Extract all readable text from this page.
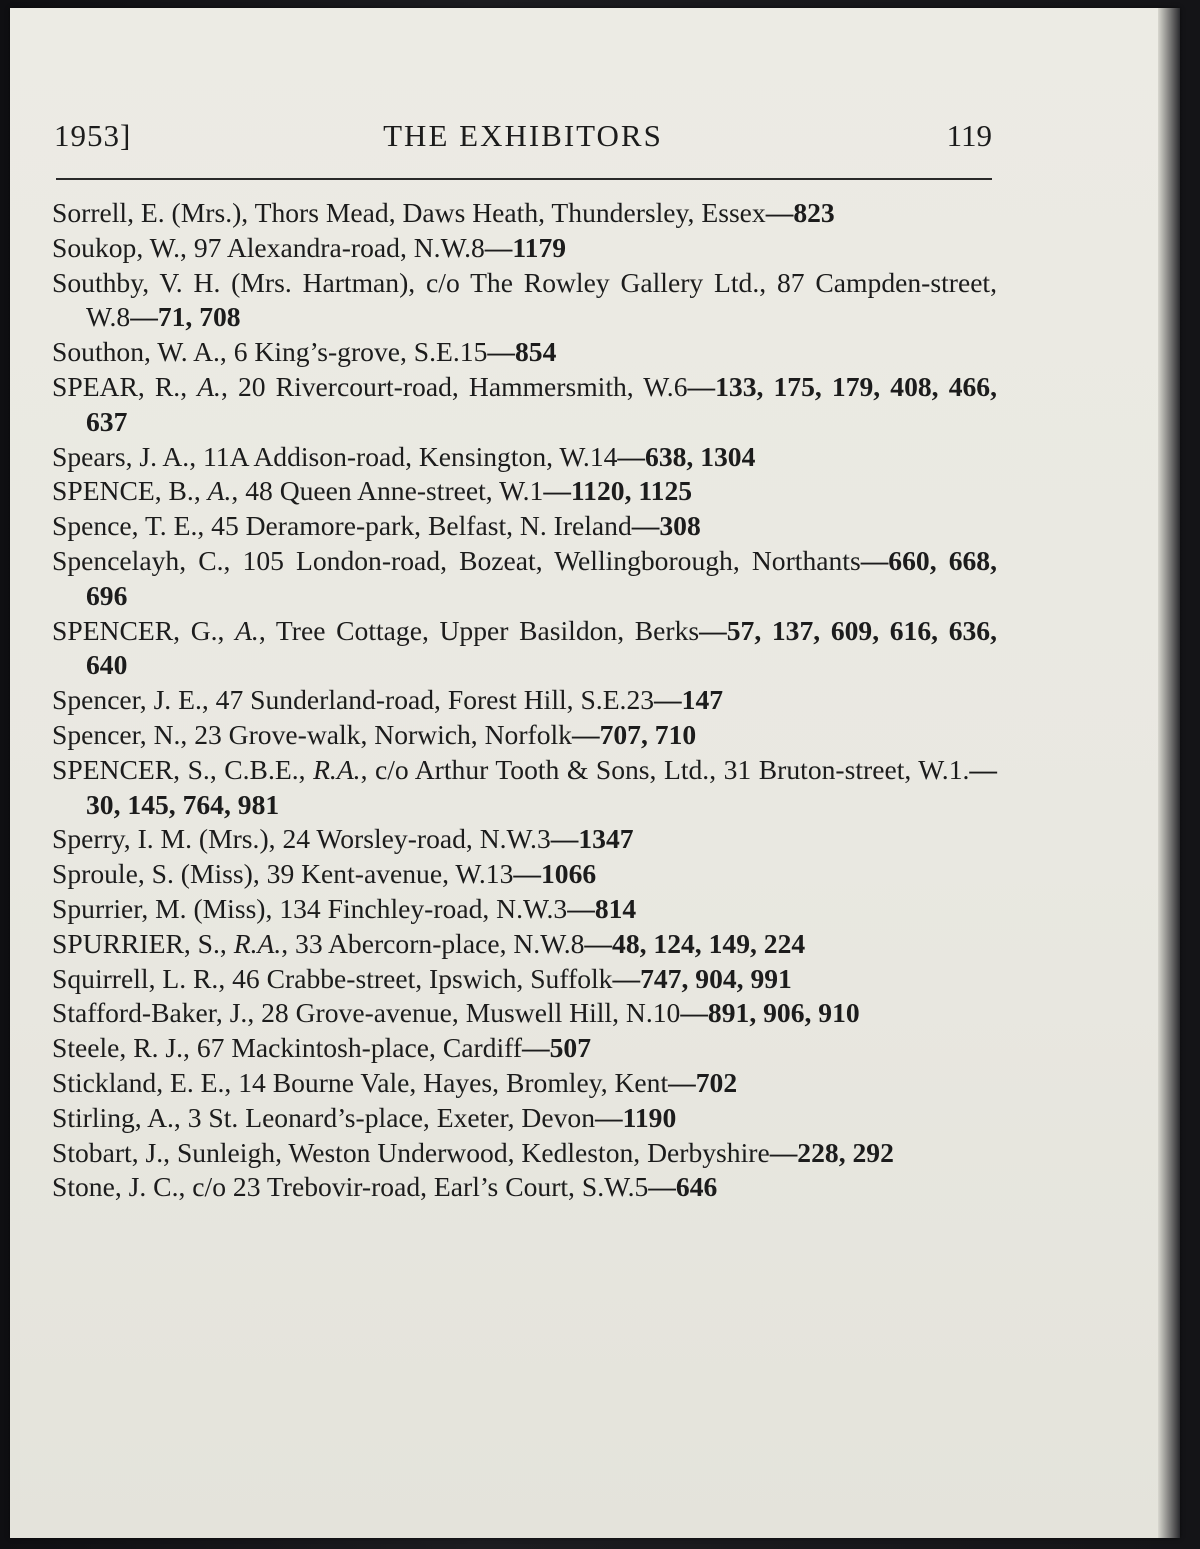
1953]	THE EXHIBITORS	119

Sorrell, E. (Mrs.), Thors Mead, Daws Heath, Thundersley, Essex—823

Soukop, W., 97 Alexandra-road, N.W.8—1179

Southby, V. H. (Mrs. Hartman), c/o The Rowley Gallery Ltd., 87 Campden-street, W.8—71, 708

Southon, W. A., 6 King’s-grove, S.E.15—854

SPEAR, R., A., 20 Rivercourt-road, Hammersmith, W.6—133, 175, 179, 408, 466, 637

Spears, J. A., 11A Addison-road, Kensington, W.14—638, 1304

SPENCE, B., A., 48 Queen Anne-street, W.1—1120, 1125

Spence, T. E., 45 Deramore-park, Belfast, N. Ireland—308

Spencelayh, C., 105 London-road, Bozeat, Wellingborough, Northants—660, 668, 696

SPENCER, G., A., Tree Cottage, Upper Basildon, Berks—57, 137, 609, 616, 636, 640

Spencer, J. E., 47 Sunderland-road, Forest Hill, S.E.23—147

Spencer, N., 23 Grove-walk, Norwich, Norfolk—707, 710

SPENCER, S., C.B.E., R.A., c/o Arthur Tooth & Sons, Ltd., 31 Bruton-street, W.1.—30, 145, 764, 981

Sperry, I. M. (Mrs.), 24 Worsley-road, N.W.3—1347

Sproule, S. (Miss), 39 Kent-avenue, W.13—1066

Spurrier, M. (Miss), 134 Finchley-road, N.W.3—814

SPURRIER, S., R.A., 33 Abercorn-place, N.W.8—48, 124, 149, 224

Squirrell, L. R., 46 Crabbe-street, Ipswich, Suffolk—747, 904, 991

Stafford-Baker, J., 28 Grove-avenue, Muswell Hill, N.10—891, 906, 910

Steele, R. J., 67 Mackintosh-place, Cardiff—507

Stickland, E. E., 14 Bourne Vale, Hayes, Bromley, Kent—702

Stirling, A., 3 St. Leonard’s-place, Exeter, Devon—1190

Stobart, J., Sunleigh, Weston Underwood, Kedleston, Derbyshire—228, 292

Stone, J. C., c/o 23 Trebovir-road, Earl’s Court, S.W.5—646
